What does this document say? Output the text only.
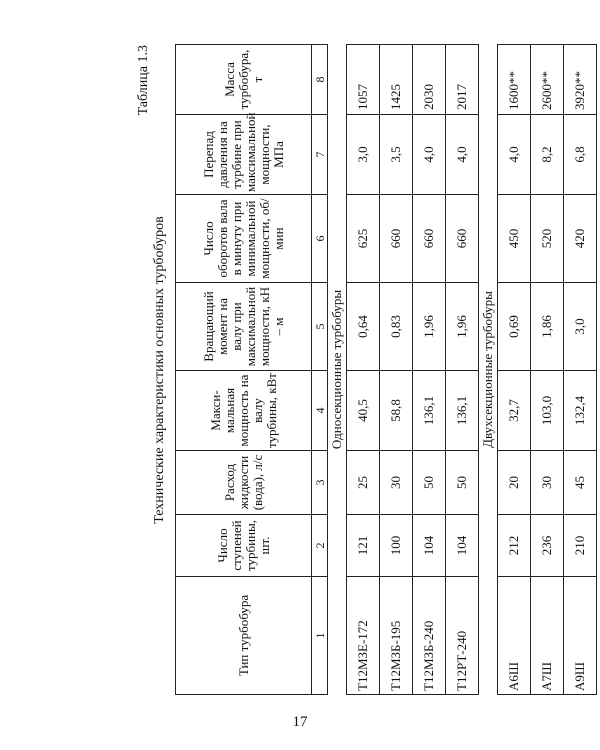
Таблица 1.3
Технические характеристики основных турбобуров
Тип турбобура	Число ступеней турбины, шт.	Расход жидкости (вода), л/с	Макси-мальная мощность на валу турбины, кВт	Вращающий момент на валу при максимальной мощности, кН – м	Число оборотов вала в минуту при минимальной мощности, об/мин	Перепад давления на турбине при максимальной мощности, МПа	Масса турбобура, т
1	2	3	4	5	6	7	8
Односекционные турбобуры							
Т12МЗЕ-172	121	25	40,5	0,64	625	3,0	1057
Т12МЗБ-195	100	30	58,8	0,83	660	3,5	1425
Т12МЗБ-240	104	50	136,1	1,96	660	4,0	2030
Т12РТ-240	104	50	136,1	1,96	660	4,0	2017
Двухсекционные турбобуры							
А6Ш	212	20	32,7	0,69	450	4,0	1600**
А7Ш	236	30	103,0	1,86	520	8,2	2600**
А9Ш	210	45	132,4	3,0	420	6,8	3920**
17
